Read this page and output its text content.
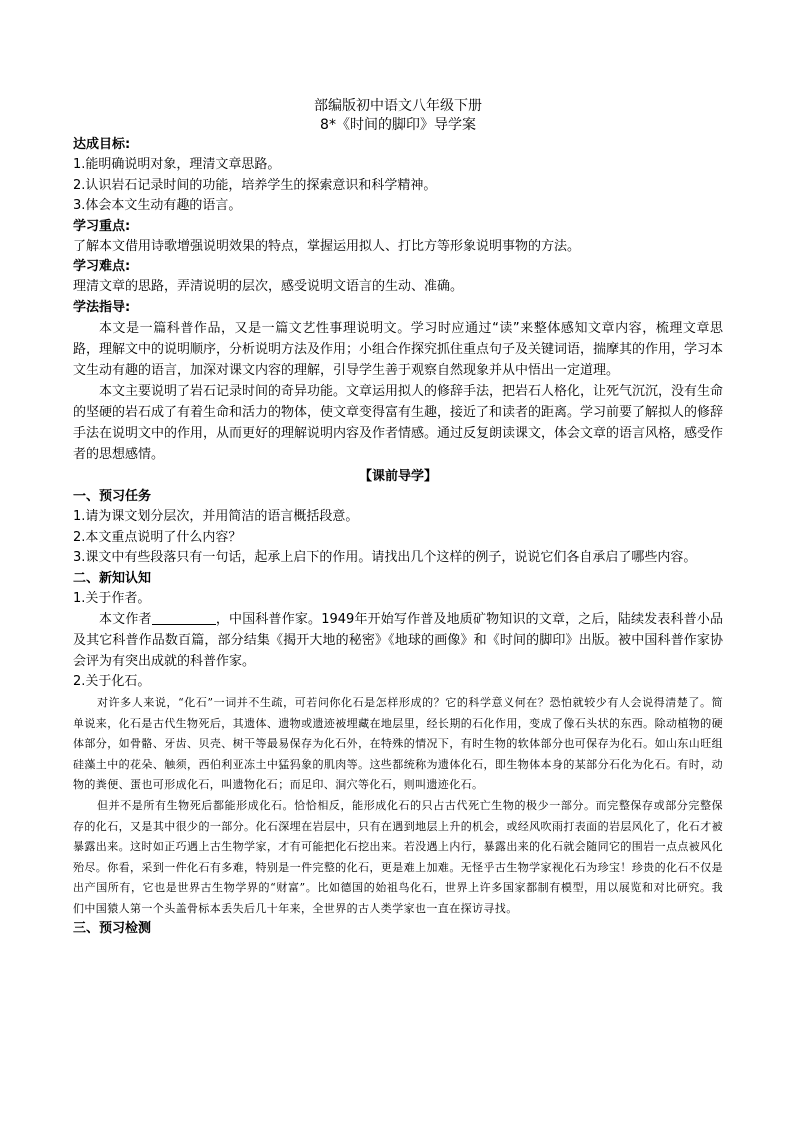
部编版初中语文八年级下册

8*《时间的脚印》导学案

达成目标:

1.能明确说明对象，理清文章思路。

2.认识岩石记录时间的功能，培养学生的探索意识和科学精神。

3.体会本文生动有趣的语言。

学习重点:

了解本文借用诗歌增强说明效果的特点，掌握运用拟人、打比方等形象说明事物的方法。

学习难点:

理清文章的思路，弄清说明的层次，感受说明文语言的生动、准确。

学法指导:

本文是一篇科普作品，又是一篇文艺性事理说明文。学习时应通过“读”来整体感知文章内容，梳理文章思路，理解文中的说明顺序，分析说明方法及作用；小组合作探究抓住重点句子及关键词语，揣摩其的作用，学习本文生动有趣的语言，加深对课文内容的理解，引导学生善于观察自然现象并从中悟出一定道理。

本文主要说明了岩石记录时间的奇异功能。文章运用拟人的修辞手法，把岩石人格化，让死气沉沉，没有生命的坚硬的岩石成了有着生命和活力的物体，使文章变得富有生趣，接近了和读者的距离。学习前要了解拟人的修辞手法在说明文中的作用，从而更好的理解说明内容及作者情感。通过反复朗读课文，体会文章的语言风格，感受作者的思想感情。

【课前导学】

一、预习任务

1.请为课文划分层次，并用简洁的语言概括段意。

2.本文重点说明了什么内容？

3.课文中有些段落只有一句话，起承上启下的作用。请找出几个这样的例子，说说它们各自承启了哪些内容。

二、新知认知

1.关于作者。

本文作者	，中国科普作家。1949年开始写作普及地质矿物知识的文章，之后，陆续发表科普小品及其它科普作品数百篇，部分结集《揭开大地的秘密》《地球的画像》和《时间的脚印》出版。被中国科普作家协会评为有突出成就的科普作家。

2.关于化石。

对许多人来说，“化石”一词并不生疏，可若问你化石是怎样形成的？它的科学意义何在？恐怕就较少有人会说得清楚了。简单说来，化石是古代生物死后，其遗体、遗物或遗迹被埋藏在地层里，经长期的石化作用，变成了像石头状的东西。除动植物的硬体部分，如骨骼、牙齿、贝壳、树干等最易保存为化石外，在特殊的情况下，有时生物的软体部分也可保存为化石。如山东山旺组硅藻土中的花朵、触须，西伯利亚冻土中猛犸象的肌肉等。这些都统称为遗体化石，即生物体本身的某部分石化为化石。有时，动物的粪便、蛋也可形成化石，叫遗物化石；而足印、洞穴等化石，则叫遗迹化石。

但并不是所有生物死后都能形成化石。恰恰相反，能形成化石的只占古代死亡生物的极少一部分。而完整保存或部分完整保存的化石，又是其中很少的一部分。化石深埋在岩层中，只有在遇到地层上升的机会，或经风吹雨打表面的岩层风化了，化石才被暴露出来。这时如正巧遇上古生物学家，才有可能把化石挖出来。若没遇上内行，暴露出来的化石就会随同它的围岩一点点被风化殆尽。你看，采到一件化石有多难，特别是一件完整的化石，更是难上加难。无怪乎古生物学家视化石为珍宝！珍贵的化石不仅是出产国所有，它也是世界古生物学界的“财富”。比如德国的始祖鸟化石，世界上许多国家都制有模型，用以展览和对比研究。我们中国猿人第一个头盖骨标本丢失后几十年来，全世界的古人类学家也一直在探访寻找。

三、预习检测
